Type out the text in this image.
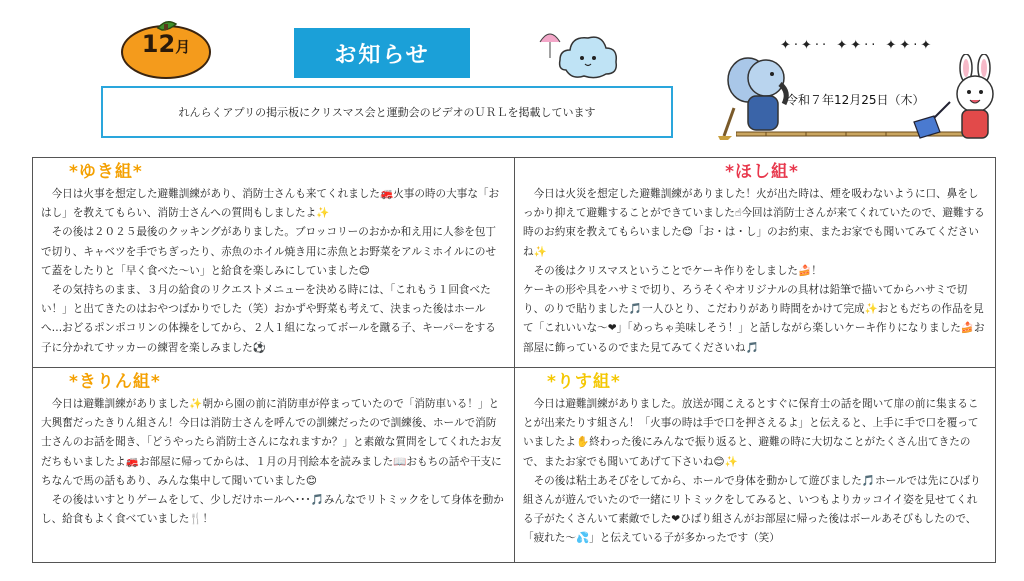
12月	お知らせ
れんらくアプリの掲示板にクリスマス会と運動会のビデオのＵＲＬを掲載しています
✦·✦·· ✦✦·· ✦✦·✦
令和７年12月25日（木）
*ゆき組*

今日は火事を想定した避難訓練があり、消防士さんも来てくれました🚒火事の時の大事な「おはし」を教えてもらい、消防士さんへの質問もしましたよ✨

その後は２０２５最後のクッキングがありました。ブロッコリーのおかか和え用に人参を包丁で切り、キャベツを手でちぎったり、赤魚のホイル焼き用に赤魚とお野菜をアルミホイルにのせて蓋をしたりと「早く食べた〜い」と給食を楽しみにしていました😊

その気持ちのまま、３月の給食のリクエストメニューを決める時には、「これもう１回食べたい！」と出てきたのはおやつばかりでした（笑）おかずや野菜も考えて、決まった後はホールへ…おどるポンポコリンの体操をしてから、２人１組になってボールを蹴る子、キーパーをする子に分かれてサッカーの練習を楽しみました⚽

*ほし組*

今日は火災を想定した避難訓練がありました！火が出た時は、煙を吸わないように口、鼻をしっかり抑えて避難することができていました☝今回は消防士さんが来てくれていたので、避難する時のお約束を教えてもらいました😊「お・は・し」のお約束、またお家でも聞いてみてくださいね✨

その後はクリスマスということでケーキ作りをしました🍰！

ケーキの形や具をハサミで切り、ろうそくやオリジナルの具材は鉛筆で描いてからハサミで切り、のりで貼りました🎵一人ひとり、こだわりがあり時間をかけて完成✨おともだちの作品を見て「これいいな〜❤」「めっちゃ美味しそう！」と話しながら楽しいケーキ作りになりました🍰お部屋に飾っているのでまた見てみてくださいね🎵

*きりん組*

今日は避難訓練がありました✨朝から園の前に消防車が停まっていたので「消防車いる！」と大興奮だったきりん組さん！今日は消防士さんを呼んでの訓練だったので訓練後、ホールで消防士さんのお話を聞き、「どうやったら消防士さんになれますか？」と素敵な質問をしてくれたお友だちもいましたよ🚒お部屋に帰ってからは、１月の月刊絵本を読みました📖おもちの話や干支にちなんで馬の話もあり、みんな集中して聞いていました😊

その後はいすとりゲームをして、少しだけホールへ･･･🎵みんなでリトミックをして身体を動かし、給食もよく食べていました🍴！

*りす組*

今日は避難訓練がありました。放送が聞こえるとすぐに保育士の話を聞いて扉の前に集まることが出来たりす組さん！「火事の時は手で口を押さえるよ」と伝えると、上手に手で口を覆っていましたよ✋終わった後にみんなで振り返ると、避難の時に大切なことがたくさん出てきたので、またお家でも聞いてあげて下さいね😊✨

その後は粘土あそびをしてから、ホールで身体を動かして遊びました🎵ホールでは先にひばり組さんが遊んでいたので一緒にリトミックをしてみると、いつもよりカッコイイ姿を見せてくれる子がたくさんいて素敵でした❤ひばり組さんがお部屋に帰った後はボールあそびもしたので、「疲れた〜💦」と伝えている子が多かったです（笑）
